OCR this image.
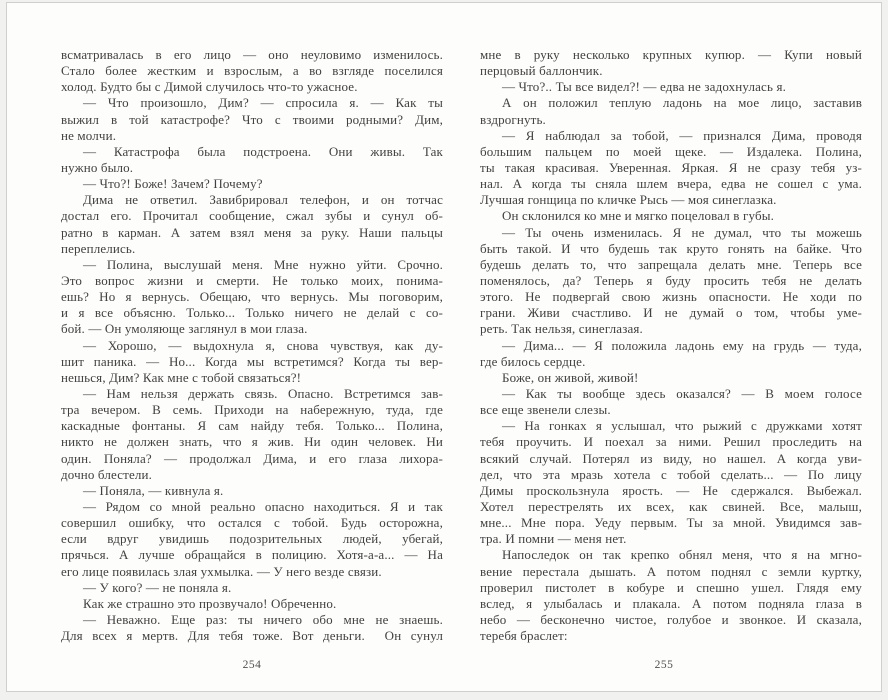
всматривалась в его лицо — оно неуловимо изменилось.
Стало более жестким и взрослым, а во взгляде поселился
холод. Будто бы с Димой случилось что-то ужасное.
— Что произошло, Дим? — спросила я. — Как ты
выжил в той катастрофе? Что с твоими родными? Дим,
не молчи.
— Катастрофа была подстроена. Они живы. Так
нужно было.
— Что?! Боже! Зачем? Почему?
Дима не ответил. Завибрировал телефон, и он тотчас
достал его. Прочитал сообщение, сжал зубы и сунул об-
ратно в карман. А затем взял меня за руку. Наши пальцы
переплелись.
— Полина, выслушай меня. Мне нужно уйти. Срочно.
Это вопрос жизни и смерти. Не только моих, понима-
ешь? Но я вернусь. Обещаю, что вернусь. Мы поговорим,
и я все объясню. Только... Только ничего не делай с со-
бой. — Он умоляюще заглянул в мои глаза.
— Хорошо, — выдохнула я, снова чувствуя, как ду-
шит паника. — Но... Когда мы встретимся? Когда ты вер-
нешься, Дим? Как мне с тобой связаться?!
— Нам нельзя держать связь. Опасно. Встретимся зав-
тра вечером. В семь. Приходи на набережную, туда, где
каскадные фонтаны. Я сам найду тебя. Только... Полина,
никто не должен знать, что я жив. Ни один человек. Ни
один. Поняла? — продолжал Дима, и его глаза лихора-
дочно блестели.
— Поняла, — кивнула я.
— Рядом со мной реально опасно находиться. Я и так
совершил ошибку, что остался с тобой. Будь осторожна,
если вдруг увидишь подозрительных людей, убегай,
прячься. А лучше обращайся в полицию. Хотя-а-а... — На
его лице появилась злая ухмылка. — У него везде связи.
— У кого? — не поняла я.
Как же страшно это прозвучало! Обреченно.
— Неважно. Еще раз: ты ничего обо мне не знаешь.
Для всех я мертв. Для тебя тоже. Вот деньги.  Он сунул
мне в руку несколько крупных купюр. — Купи новый
перцовый баллончик.
— Что?.. Ты все видел?! — едва не задохнулась я.
А он положил теплую ладонь на мое лицо, заставив
вздрогнуть.
— Я наблюдал за тобой, — признался Дима, проводя
большим пальцем по моей щеке. — Издалека. Полина,
ты такая красивая. Уверенная. Яркая. Я не сразу тебя уз-
нал. А когда ты сняла шлем вчера, едва не сошел с ума.
Лучшая гонщица по кличке Рысь — моя синеглазка.
Он склонился ко мне и мягко поцеловал в губы.
— Ты очень изменилась. Я не думал, что ты можешь
быть такой. И что будешь так круто гонять на байке. Что
будешь делать то, что запрещала делать мне. Теперь все
поменялось, да? Теперь я буду просить тебя не делать
этого. Не подвергай свою жизнь опасности. Не ходи по
грани. Живи счастливо. И не думай о том, чтобы уме-
реть. Так нельзя, синеглазая.
— Дима... — Я положила ладонь ему на грудь — туда,
где билось сердце.
Боже, он живой, живой!
— Как ты вообще здесь оказался? — В моем голосе
все еще звенели слезы.
— На гонках я услышал, что рыжий с дружками хотят
тебя проучить. И поехал за ними. Решил проследить на
всякий случай. Потерял из виду, но нашел. А когда уви-
дел, что эта мразь хотела с тобой сделать... — По лицу
Димы проскользнула ярость. — Не сдержался. Выбежал.
Хотел перестрелять их всех, как свиней. Все, малыш,
мне... Мне пора. Уеду первым. Ты за мной. Увидимся зав-
тра. И помни — меня нет.
Напоследок он так крепко обнял меня, что я на мгно-
вение перестала дышать. А потом поднял с земли куртку,
проверил пистолет в кобуре и спешно ушел. Глядя ему
вслед, я улыбалась и плакала. А потом подняла глаза в
небо — бесконечно чистое, голубое и звонкое. И сказала,
теребя браслет:
254	255
